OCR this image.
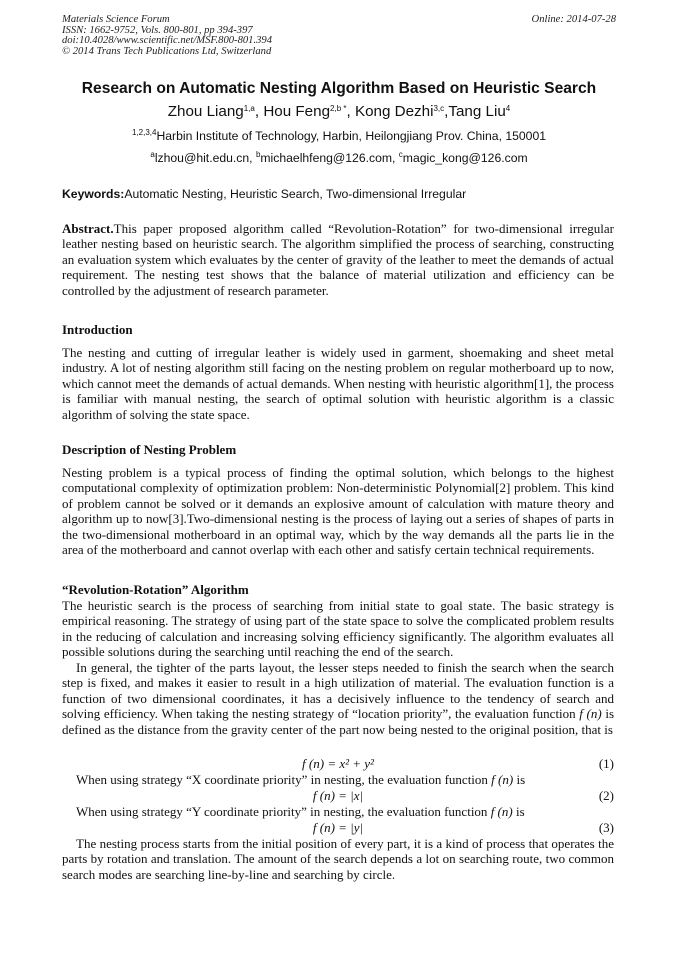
Materials Science Forum
ISSN: 1662-9752, Vols. 800-801, pp 394-397
doi:10.4028/www.scientific.net/MSF.800-801.394
© 2014 Trans Tech Publications Ltd, Switzerland
Online: 2014-07-28
Research on Automatic Nesting Algorithm Based on Heuristic Search
Zhou Liang$^{1,a}$, Hou Feng$^{2,b *}$, Kong Dezhi$^{3,c}$,Tang Liu$^4$
$^{1,2,3,4}$Harbin Institute of Technology, Harbin, Heilongjiang Prov. China, 150001
$^a$lzhou@hit.edu.cn, $^b$michaelhfeng@126.com, $^c$magic_kong@126.com
Keywords:Automatic Nesting, Heuristic Search, Two-dimensional Irregular
Abstract.This paper proposed algorithm called “Revolution-Rotation” for two-dimensional irregular leather nesting based on heuristic search. The algorithm simplified the process of searching, constructing an evaluation system which evaluates by the center of gravity of the leather to meet the demands of actual requirement. The nesting test shows that the balance of material utilization and efficiency can be controlled by the adjustment of research parameter.
Introduction
The nesting and cutting of irregular leather is widely used in garment, shoemaking and sheet metal industry. A lot of nesting algorithm still facing on the nesting problem on regular motherboard up to now, which cannot meet the demands of actual demands. When nesting with heuristic algorithm[1], the process is familiar with manual nesting, the search of optimal solution with heuristic algorithm is a classic algorithm of solving the state space.
Description of Nesting Problem
Nesting problem is a typical process of finding the optimal solution, which belongs to the highest computational complexity of optimization problem: Non-deterministic Polynomial[2] problem. This kind of problem cannot be solved or it demands an explosive amount of calculation with mature theory and algorithm up to now[3].Two-dimensional nesting is the process of laying out a series of shapes of parts in the two-dimensional motherboard in an optimal way, which by the way demands all the parts lie in the area of the motherboard and cannot overlap with each other and satisfy certain technical requirements.
“Revolution-Rotation” Algorithm
The heuristic search is the process of searching from initial state to goal state. The basic strategy is empirical reasoning. The strategy of using part of the state space to solve the complicated problem results in the reducing of calculation and increasing solving efficiency significantly. The algorithm evaluates all possible solutions during the searching until reaching the end of the search.
In general, the tighter of the parts layout, the lesser steps needed to finish the search when the search step is fixed, and makes it easier to result in a high utilization of material. The evaluation function is a function of two dimensional coordinates, it has a decisively influence to the tendency of search and solving efficiency. When taking the nesting strategy of “location priority”, the evaluation function f (n) is defined as the distance from the gravity center of the part now being nested to the original position, that is
f (n) = x² + y²	(1)
When using strategy “X coordinate priority” in nesting, the evaluation function f (n) is
f (n) = |x|	(2)
When using strategy “Y coordinate priority” in nesting, the evaluation function f (n) is
f (n) = |y|	(3)
The nesting process starts from the initial position of every part, it is a kind of process that operates the parts by rotation and translation. The amount of the search depends a lot on searching route, two common search modes are searching line-by-line and searching by circle.
